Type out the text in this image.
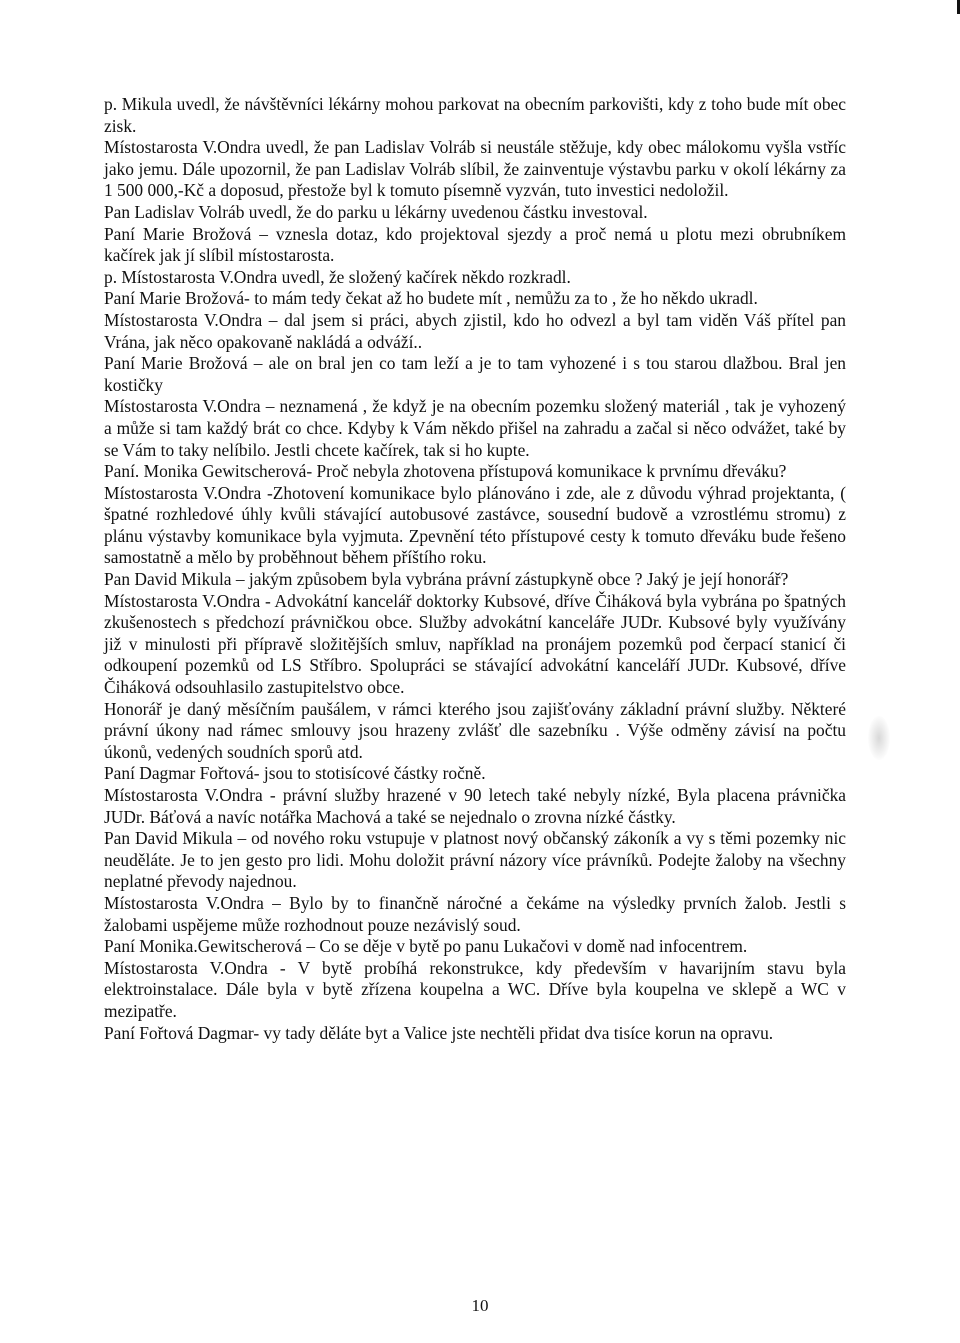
p. Mikula uvedl, že návštěvníci lékárny mohou parkovat na obecním parkovišti, kdy z toho bude mít obec zisk.

Místostarosta V.Ondra uvedl, že pan Ladislav Volráb si neustále stěžuje, kdy obec málokomu vyšla vstříc jako jemu. Dále upozornil, že pan Ladislav Volráb slíbil, že zainventuje výstavbu parku v okolí lékárny za 1 500 000,-Kč a doposud, přestože byl k tomuto písemně vyzván, tuto investici nedoložil.

Pan Ladislav Volráb uvedl, že do parku u lékárny uvedenou částku investoval.

Paní Marie Brožová – vznesla dotaz, kdo projektoval sjezdy a proč nemá u plotu mezi obrubníkem kačírek jak jí slíbil místostarosta.

p. Místostarosta V.Ondra uvedl, že složený kačírek někdo rozkradl.

Paní Marie Brožová- to mám tedy čekat až ho budete mít , nemůžu za to , že ho někdo ukradl.

Místostarosta V.Ondra – dal jsem si práci, abych zjistil, kdo ho odvezl a byl tam viděn Váš přítel pan Vrána, jak něco opakovaně nakládá a odváží..

Paní Marie Brožová – ale on bral jen co tam leží a je to tam vyhozené i s tou starou dlažbou. Bral jen kostičky

Místostarosta V.Ondra – neznamená , že když je na obecním pozemku složený materiál , tak je vyhozený a může si tam každý brát co chce. Kdyby k Vám někdo přišel na zahradu a začal si něco odvážet, také by se Vám to taky nelíbilo. Jestli chcete kačírek, tak si ho kupte.

Paní. Monika Gewitscherová- Proč nebyla zhotovena přístupová komunikace k prvnímu dřeváku?

Místostarosta V.Ondra -Zhotovení komunikace bylo plánováno i zde, ale z důvodu výhrad projektanta, ( špatné rozhledové úhly kvůli stávající autobusové zastávce, sousední budově a vzrostlému stromu) z plánu výstavby komunikace byla vyjmuta. Zpevnění této přístupové cesty k tomuto dřeváku bude řešeno samostatně a mělo by proběhnout během příštího roku.

Pan David Mikula – jakým způsobem byla vybrána právní zástupkyně obce ? Jaký je její honorář?

Místostarosta V.Ondra - Advokátní kancelář doktorky Kubsové, dříve Čiháková byla vybrána po špatných zkušenostech s předchozí právničkou obce. Služby advokátní kanceláře JUDr. Kubsové byly využívány již v minulosti při přípravě složitějších smluv, například na pronájem pozemků pod čerpací stanicí či odkoupení pozemků od LS Stříbro. Spolupráci se stávající advokátní kanceláří JUDr. Kubsové, dříve Čiháková odsouhlasilo zastupitelstvo obce.

Honorář je daný měsíčním paušálem, v rámci kterého jsou zajišťovány základní právní služby. Některé právní úkony nad rámec smlouvy jsou hrazeny zvlášť dle sazebníku . Výše odměny závisí na počtu úkonů, vedených soudních sporů atd.

Paní Dagmar Fořtová- jsou to stotisícové částky ročně.

Místostarosta V.Ondra - právní služby hrazené v 90 letech také nebyly nízké, Byla placena právnička JUDr. Báťová a navíc notářka Machová a také se nejednalo o zrovna nízké částky.

Pan David Mikula – od nového roku vstupuje v platnost nový občanský zákoník a vy s těmi pozemky nic neuděláte. Je to jen gesto pro lidi. Mohu doložit právní názory více právníků. Podejte žaloby na všechny neplatné převody najednou.

Místostarosta V.Ondra – Bylo by to finančně náročné a čekáme na výsledky prvních žalob. Jestli s žalobami uspějeme může rozhodnout pouze nezávislý soud.

Paní Monika.Gewitscherová – Co se děje v bytě po panu Lukačovi v domě nad infocentrem.

Místostarosta V.Ondra - V bytě probíhá rekonstrukce, kdy především v havarijním stavu byla elektroinstalace. Dále byla v bytě zřízena koupelna a WC. Dříve byla koupelna ve sklepě a WC v mezipatře.

Paní Fořtová Dagmar- vy tady děláte byt a Valice jste nechtěli přidat dva tisíce korun na opravu.

10
